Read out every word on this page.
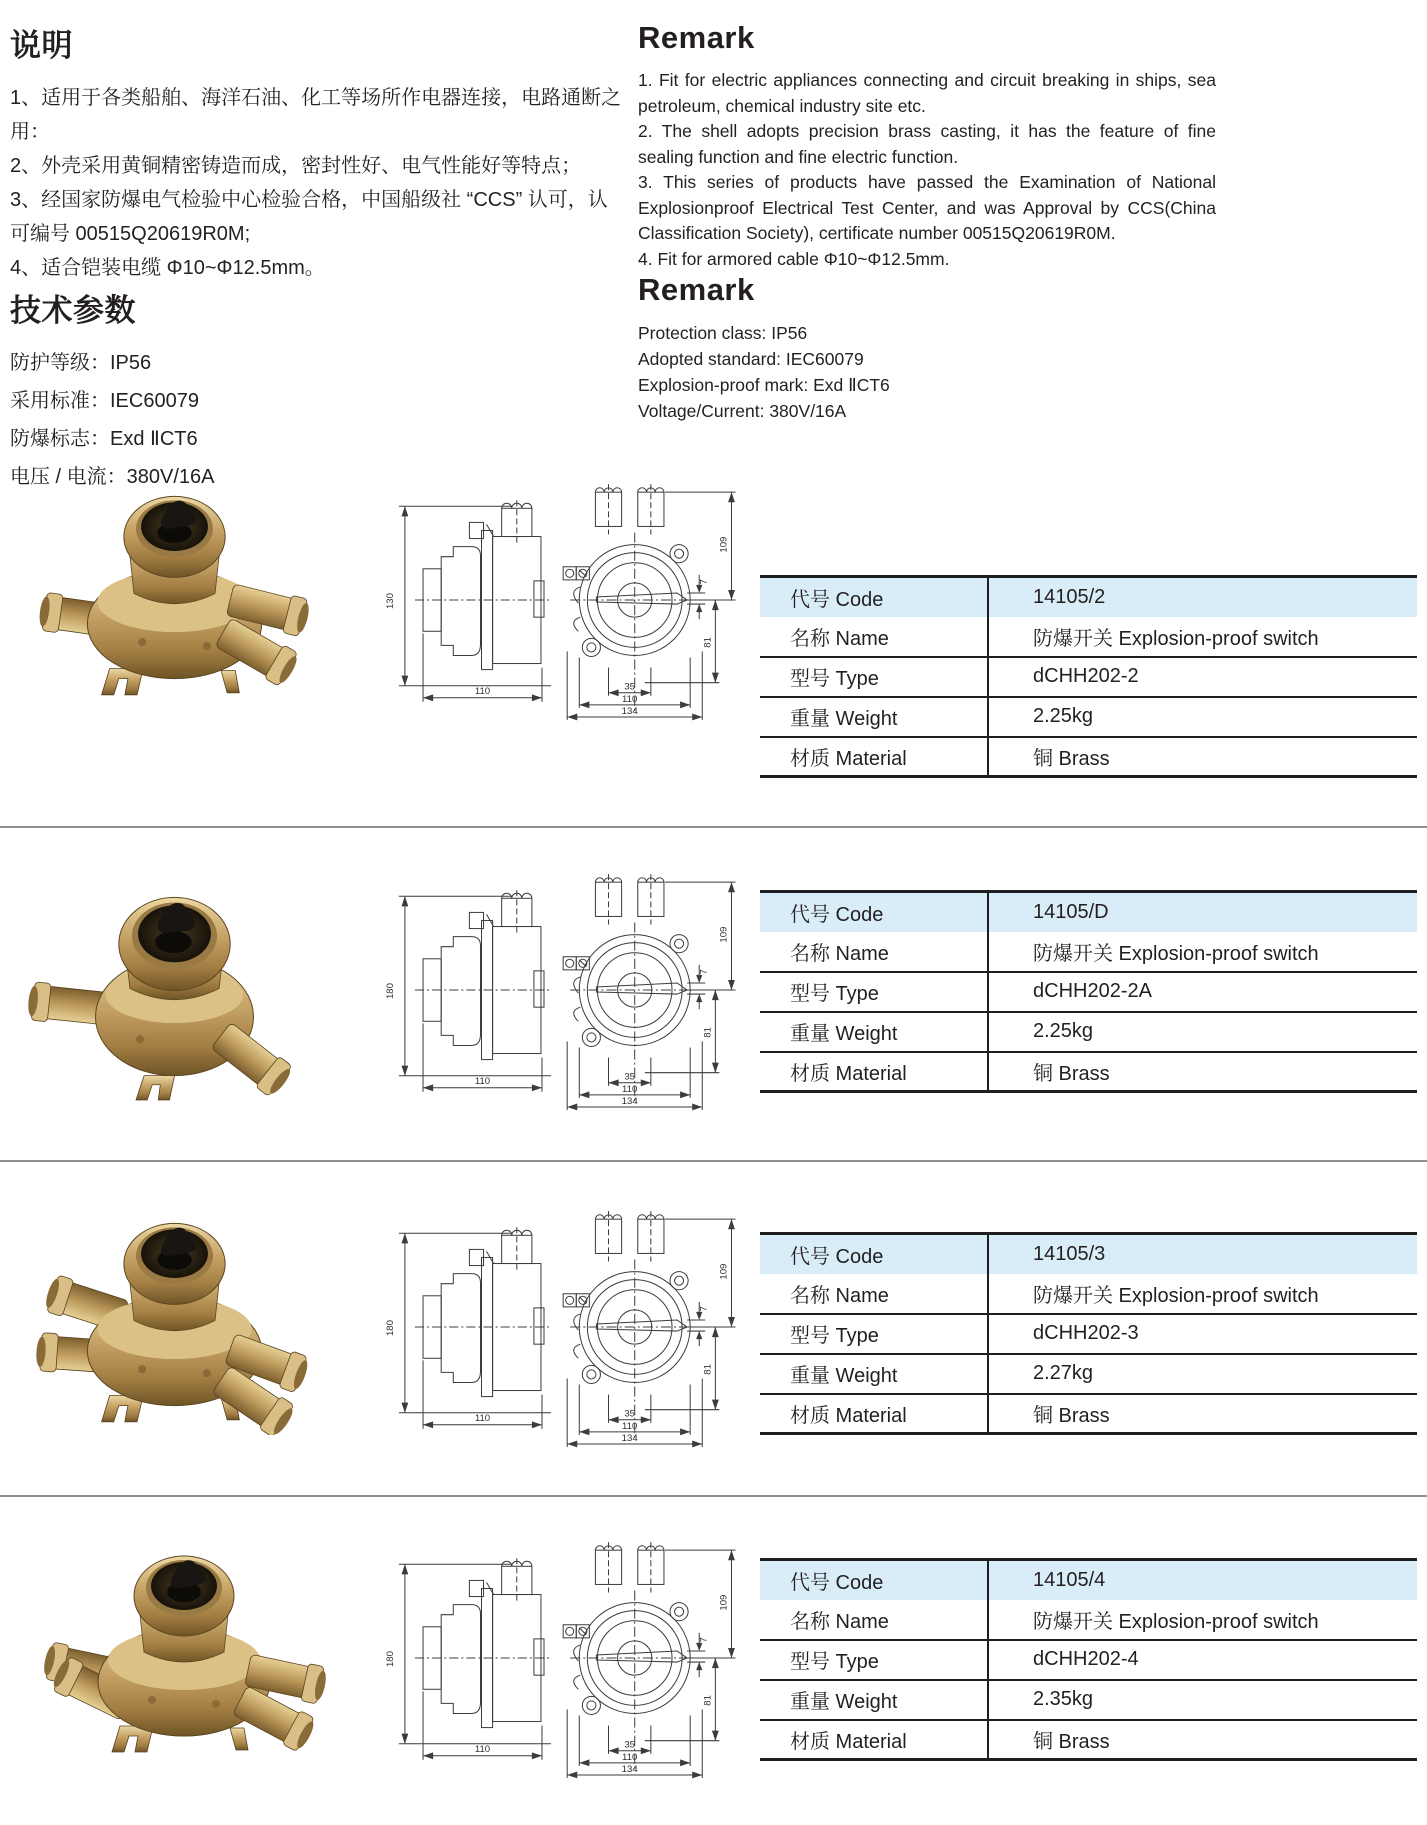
说明

1、适用于各类船舶、海洋石油、化工等场所作电器连接，电路通断之用：

2、外壳采用黄铜精密铸造而成，密封性好、电气性能好等特点；

3、经国家防爆电气检验中心检验合格，中国船级社 “CCS” 认可，认可编号 00515Q20619R0M;

4、适合铠装电缆 Φ10~Φ12.5mm。

技术参数

防护等级：IP56

采用标准：IEC60079

防爆标志：Exd ⅡCT6

电压 / 电流：380V/16A

Remark

1. Fit for electric appliances connecting and circuit breaking in ships, sea petroleum, chemical industry site etc.

2. The shell adopts precision brass casting, it has the feature of fine sealing function and fine electric function.

3. This series of products have passed the Examination of National Explosionproof Electrical Test Center, and was Approval by CCS(China Classification Society), certificate number 00515Q20619R0M.

4. Fit for armored cable Φ10~Φ12.5mm.

Remark

Protection class: IP56

Adopted standard: IEC60079

Explosion-proof mark: Exd ⅡCT6

Voltage/Current: 380V/16A

130
110
7
109
81
35
110
134
代号 Code	14105/2
名称 Name	防爆开关 Explosion-proof switch
型号 Type	dCHH202-2
重量 Weight	2.25kg
材质 Material	铜 Brass
180
110
7
109
81
35
110
134
代号 Code	14105/D
名称 Name	防爆开关 Explosion-proof switch
型号 Type	dCHH202-2A
重量 Weight	2.25kg
材质 Material	铜 Brass
180
110
7
109
81
35
110
134
代号 Code	14105/3
名称 Name	防爆开关 Explosion-proof switch
型号 Type	dCHH202-3
重量 Weight	2.27kg
材质 Material	铜 Brass
180
110
7
109
81
35
110
134
代号 Code	14105/4
名称 Name	防爆开关 Explosion-proof switch
型号 Type	dCHH202-4
重量 Weight	2.35kg
材质 Material	铜 Brass
